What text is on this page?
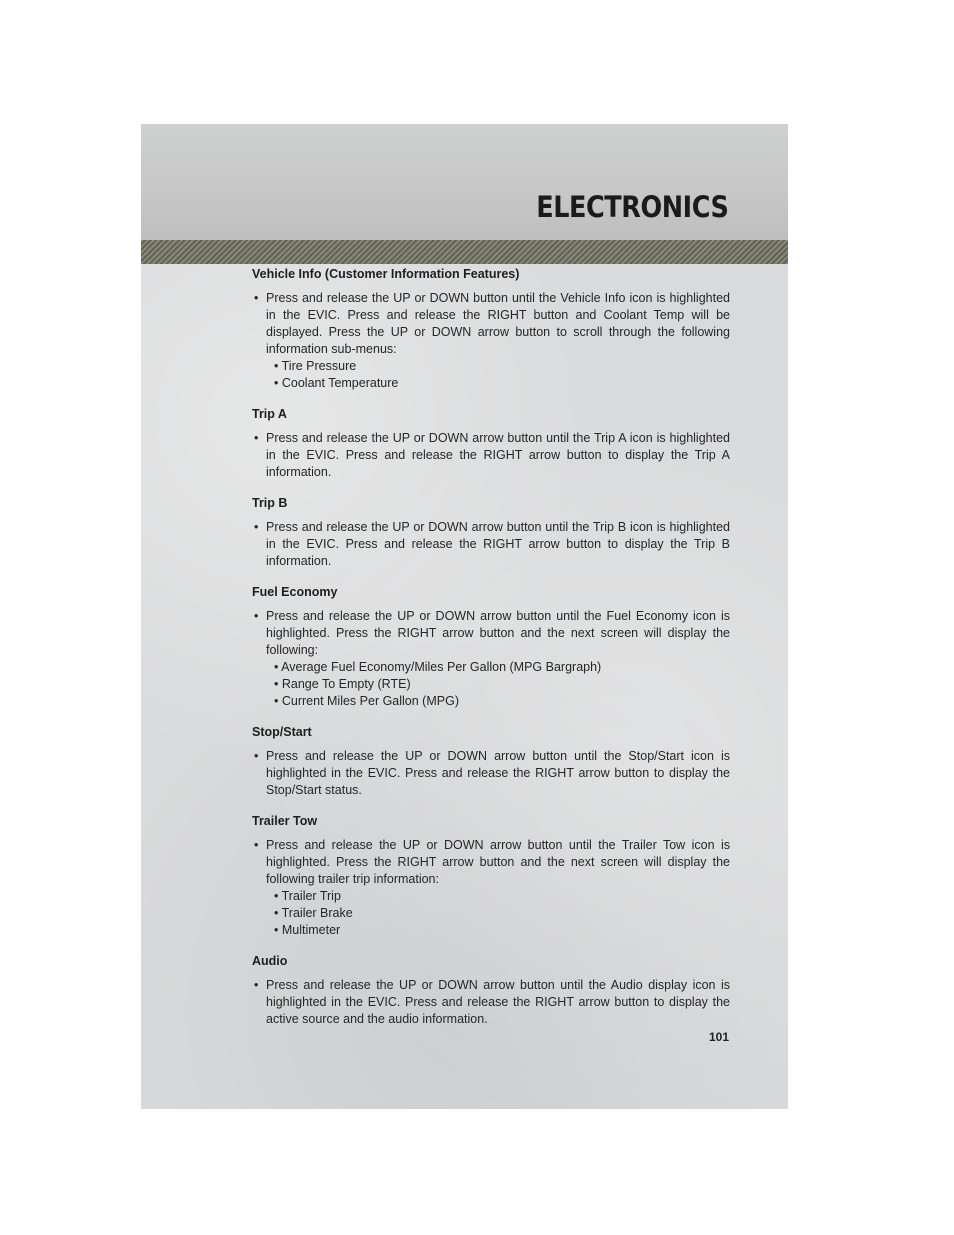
ELECTRONICS
Vehicle Info (Customer Information Features)
• Press and release the UP or DOWN button until the Vehicle Info icon is highlighted in the EVIC. Press and release the RIGHT button and Coolant Temp will be displayed. Press the UP or DOWN arrow button to scroll through the following information sub-menus:
• Tire Pressure
• Coolant Temperature
Trip A
• Press and release the UP or DOWN arrow button until the Trip A icon is highlighted in the EVIC. Press and release the RIGHT arrow button to display the Trip A information.
Trip B
• Press and release the UP or DOWN arrow button until the Trip B icon is highlighted in the EVIC. Press and release the RIGHT arrow button to display the Trip B information.
Fuel Economy
• Press and release the UP or DOWN arrow button until the Fuel Economy icon is highlighted. Press the RIGHT arrow button and the next screen will display the following:
• Average Fuel Economy/Miles Per Gallon (MPG Bargraph)
• Range To Empty (RTE)
• Current Miles Per Gallon (MPG)
Stop/Start
• Press and release the UP or DOWN arrow button until the Stop/Start icon is highlighted in the EVIC. Press and release the RIGHT arrow button to display the Stop/Start status.
Trailer Tow
• Press and release the UP or DOWN arrow button until the Trailer Tow icon is highlighted. Press the RIGHT arrow button and the next screen will display the following trailer trip information:
• Trailer Trip
• Trailer Brake
• Multimeter
Audio
• Press and release the UP or DOWN arrow button until the Audio display icon is highlighted in the EVIC. Press and release the RIGHT arrow button to display the active source and the audio information.
101
